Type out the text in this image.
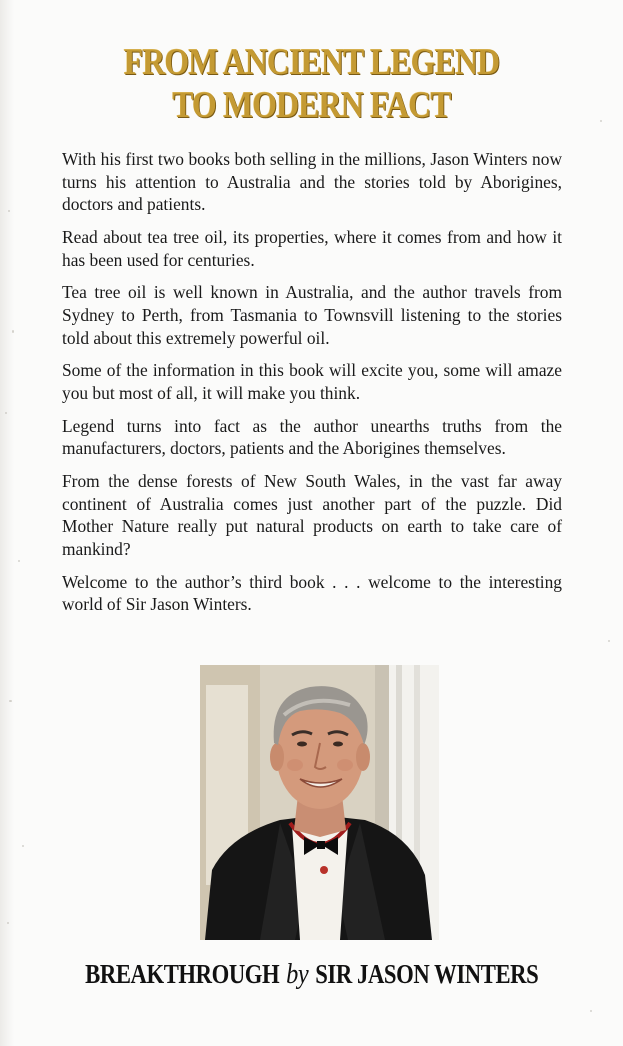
FROM ANCIENT LEGEND
TO MODERN FACT

With his first two books both selling in the millions, Jason Winters now turns his attention to Australia and the stories told by Aborigines, doctors and patients.

Read about tea tree oil, its properties, where it comes from and how it has been used for centuries.

Tea tree oil is well known in Australia, and the author travels from Sydney to Perth, from Tasmania to Townsvill listening to the stories told about this extremely powerful oil.

Some of the information in this book will excite you, some will amaze you but most of all, it will make you think.

Legend turns into fact as the author unearths truths from the manufacturers, doctors, patients and the Aborigines themselves.

From the dense forests of New South Wales, in the vast far away continent of Australia comes just another part of the puzzle. Did Mother Nature really put natural products on earth to take care of mankind?

Welcome to the author’s third book . . . welcome to the interesting world of Sir Jason Winters.

BREAKTHROUGH by SIR JASON WINTERS
